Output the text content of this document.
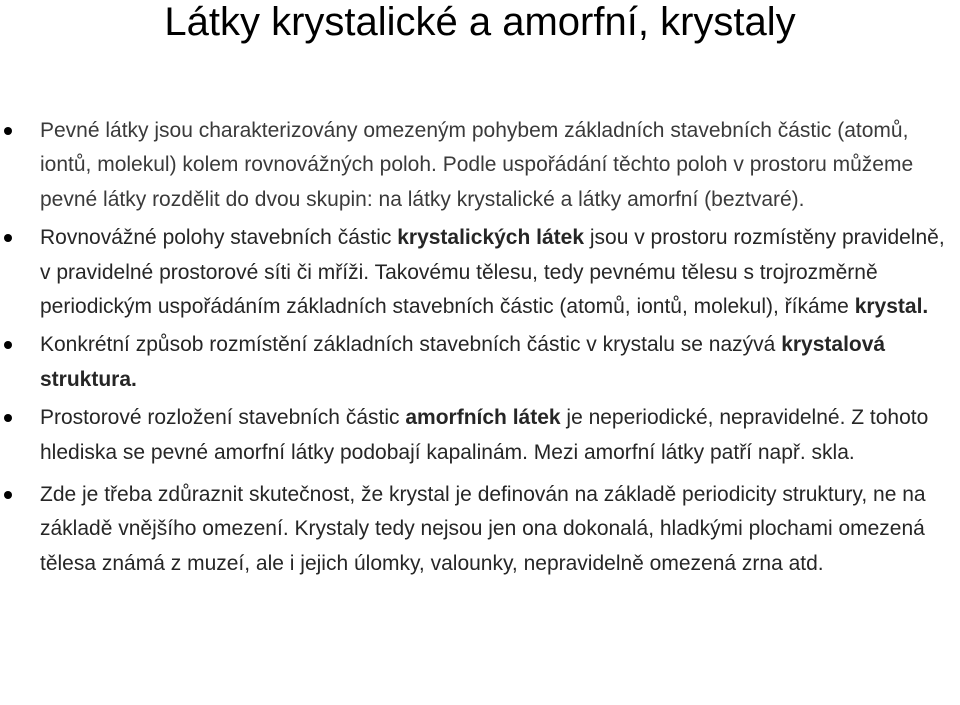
Látky krystalické a amorfní, krystaly
Pevné látky jsou charakterizovány omezeným pohybem základních stavebních částic (atomů, iontů, molekul) kolem rovnovážných poloh. Podle uspořádání těchto poloh v prostoru můžeme pevné látky rozdělit do dvou skupin: na látky krystalické a látky amorfní (beztvaré).
Rovnovážné polohy stavebních částic krystalických látek jsou v prostoru rozmístěny pravidelně, v pravidelné prostorové síti či mříži. Takovému tělesu, tedy pevnému tělesu s trojrozměrně periodickým uspořádáním základních stavebních částic (atomů, iontů, molekul), říkáme krystal.
Konkrétní způsob rozmístění základních stavebních částic v krystalu se nazývá krystalová struktura.
Prostorové rozložení stavebních částic amorfních látek je neperiodické, nepravidelné. Z tohoto hlediska se pevné amorfní látky podobají kapalinám. Mezi amorfní látky patří např. skla.
Zde je třeba zdůraznit skutečnost, že krystal je definován na základě periodicity struktury, ne na základě vnějšího omezení. Krystaly tedy nejsou jen ona dokonalá, hladkými plochami omezená tělesa známá z muzeí, ale i jejich úlomky, valounky, nepravidelně omezená zrna atd.
